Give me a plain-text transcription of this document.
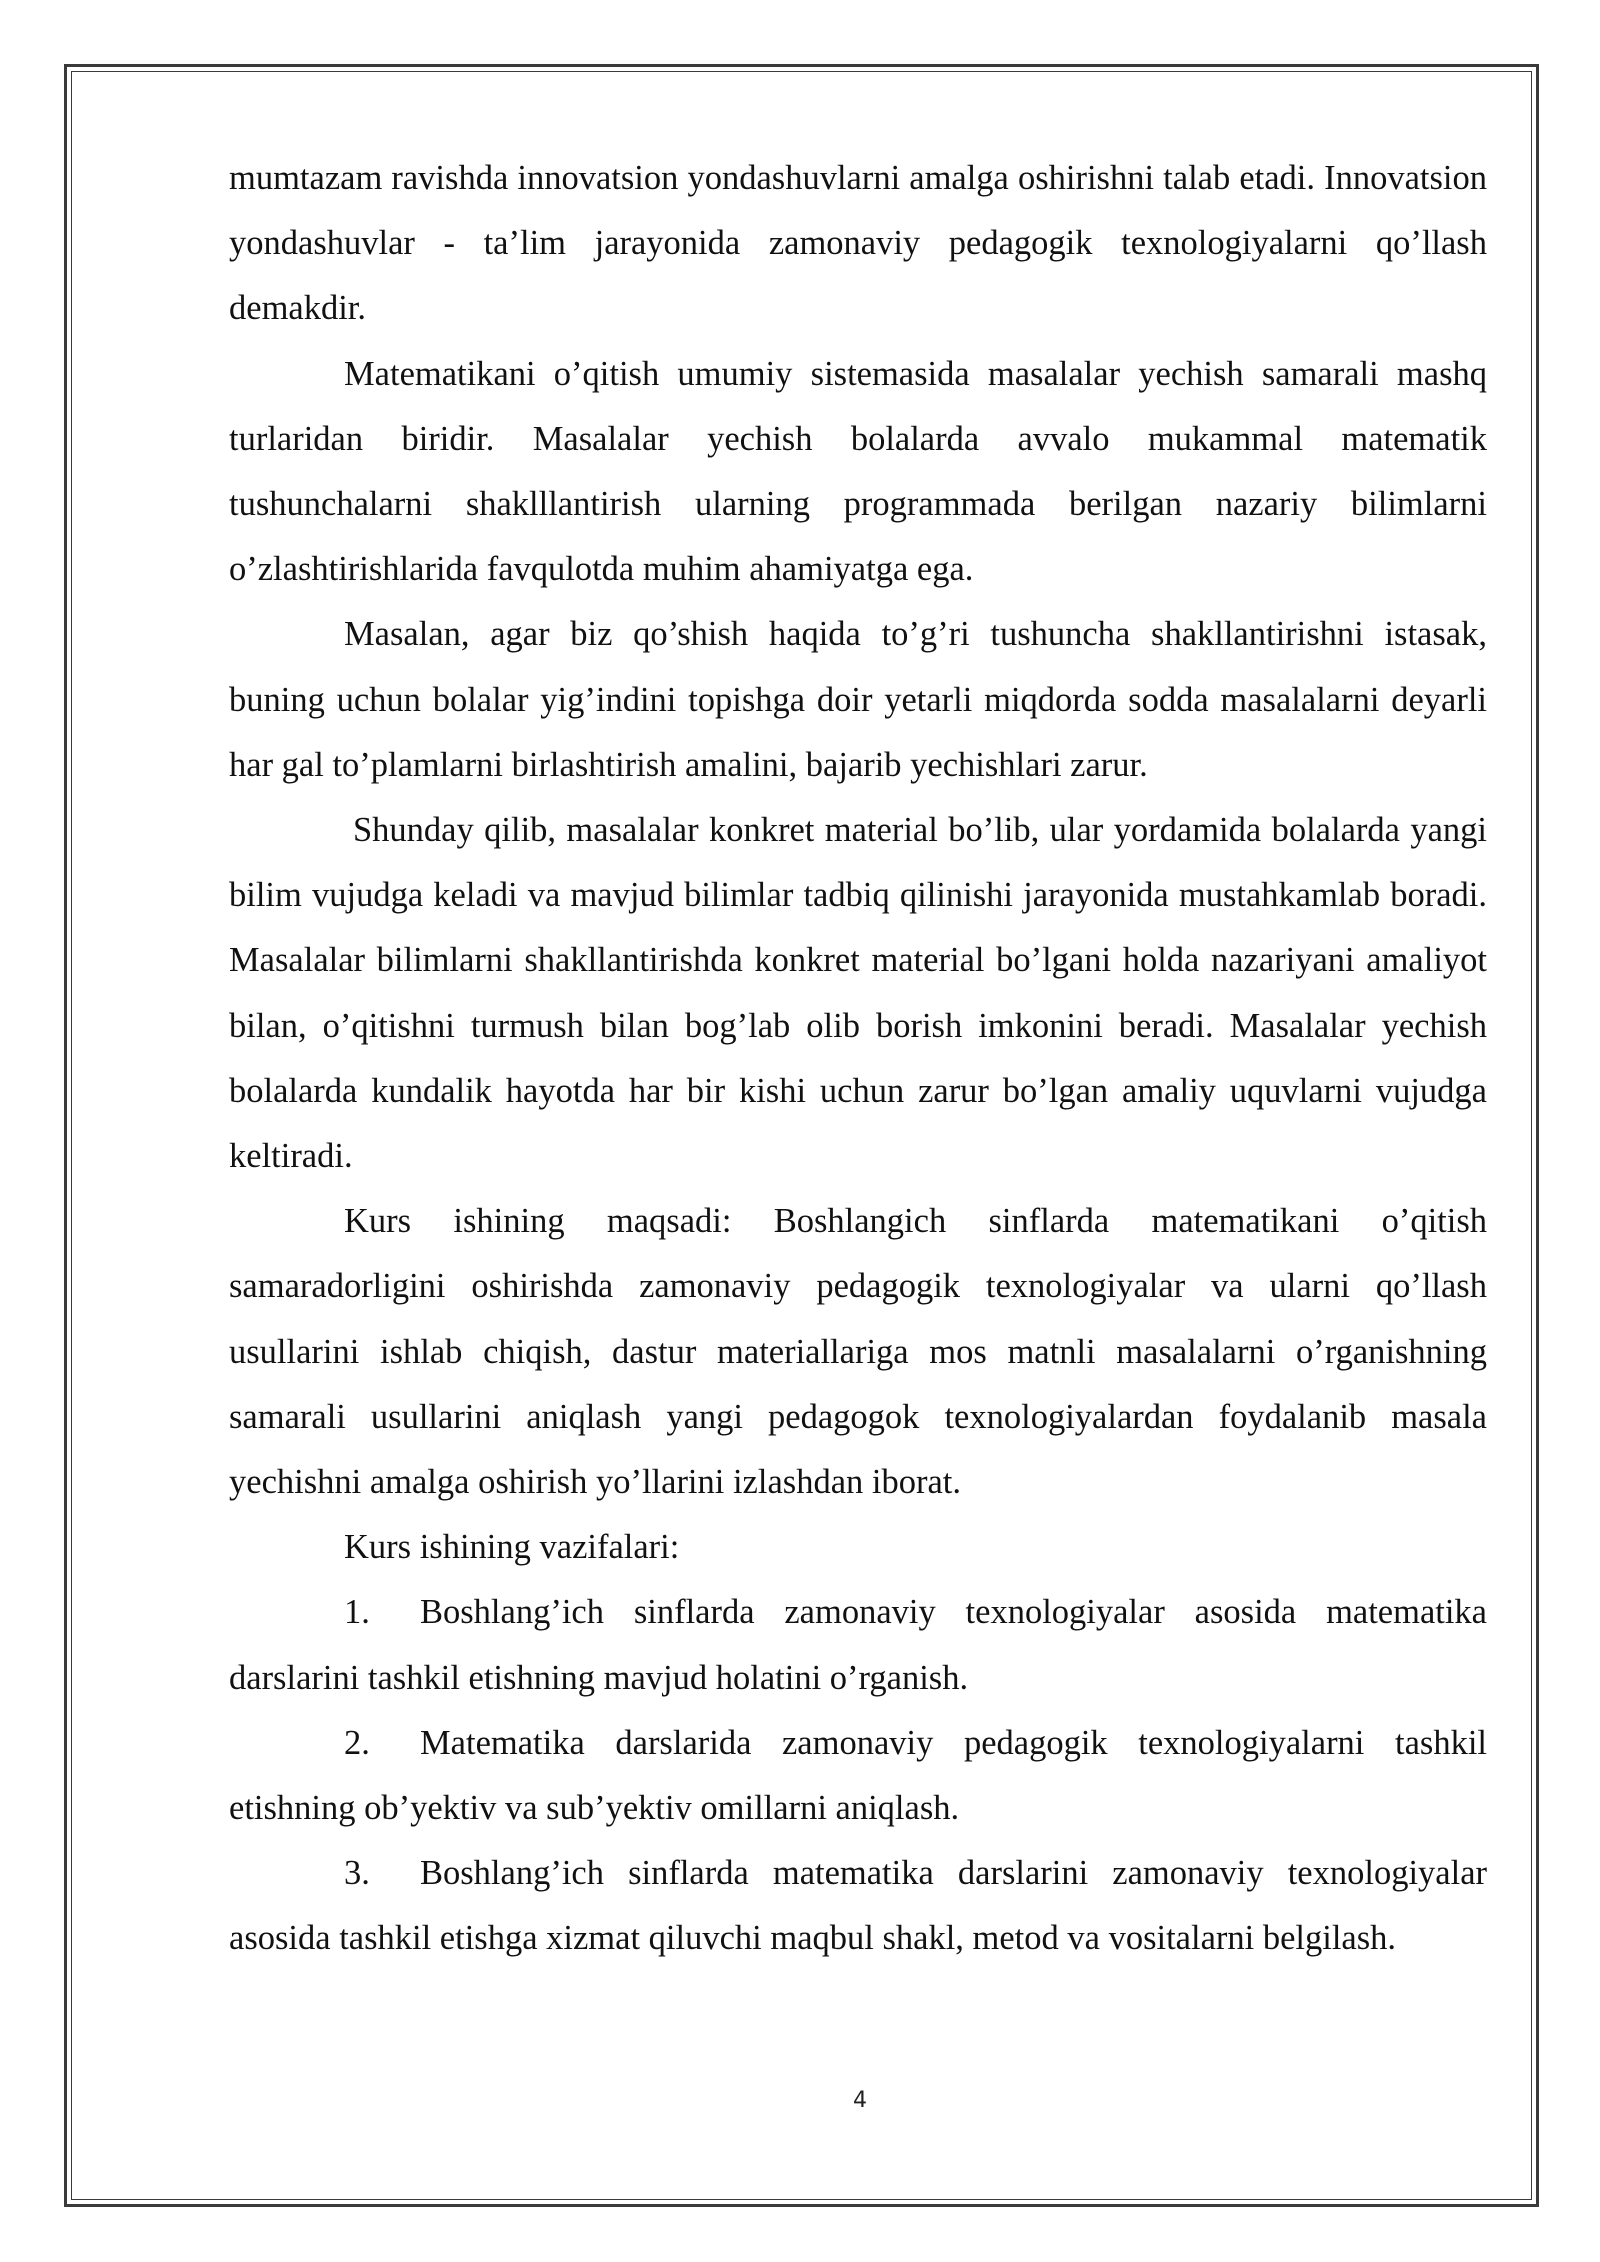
mumtazam ravishda innovatsion yondashuvlarni amalga oshirishni talab etadi. Innovatsion yondashuvlar - ta’lim jarayonida zamonaviy pedagogik texnologiyalarni qo’llash demakdir.

Matematikani o’qitish umumiy sistemasida masalalar yechish samarali mashq turlaridan biridir. Masalalar yechish bolalarda avvalo mukammal matematik tushunchalarni shaklllantirish ularning programmada berilgan nazariy bilimlarni o’zlashtirishlarida favqulotda muhim ahamiyatga ega.

Masalan, agar biz qo’shish haqida to’g’ri tushuncha shakllantirishni istasak, buning uchun bolalar yig’indini topishga doir yetarli miqdorda sodda masalalarni deyarli har gal to’plamlarni birlashtirish amalini, bajarib yechishlari zarur.

Shunday qilib, masalalar konkret material bo’lib, ular yordamida bolalarda yangi bilim vujudga keladi va mavjud bilimlar tadbiq qilinishi jarayonida mustahkamlab boradi. Masalalar bilimlarni shakllantirishda konkret material bo’lgani holda nazariyani amaliyot bilan, o’qitishni turmush bilan bog’lab olib borish imkonini beradi. Masalalar yechish bolalarda kundalik hayotda har bir kishi uchun zarur bo’lgan amaliy uquvlarni vujudga keltiradi.

Kurs ishining maqsadi: Boshlangich sinflarda matematikani o’qitish samaradorligini oshirishda zamonaviy pedagogik texnologiyalar va ularni qo’llash usullarini ishlab chiqish, dastur materiallariga mos matnli masalalarni o’rganishning samarali usullarini aniqlash yangi pedagogok texnologiyalardan foydalanib masala yechishni amalga oshirish yo’llarini izlashdan iborat.

Kurs ishining vazifalari:

1. Boshlang’ich sinflarda zamonaviy texnologiyalar asosida matematika darslarini tashkil etishning mavjud holatini o’rganish.

2. Matematika darslarida zamonaviy pedagogik texnologiyalarni tashkil etishning ob’yektiv va sub’yektiv omillarni aniqlash.

3. Boshlang’ich sinflarda matematika darslarini zamonaviy texnologiyalar asosida tashkil etishga xizmat qiluvchi maqbul shakl, metod va vositalarni belgilash.

4
